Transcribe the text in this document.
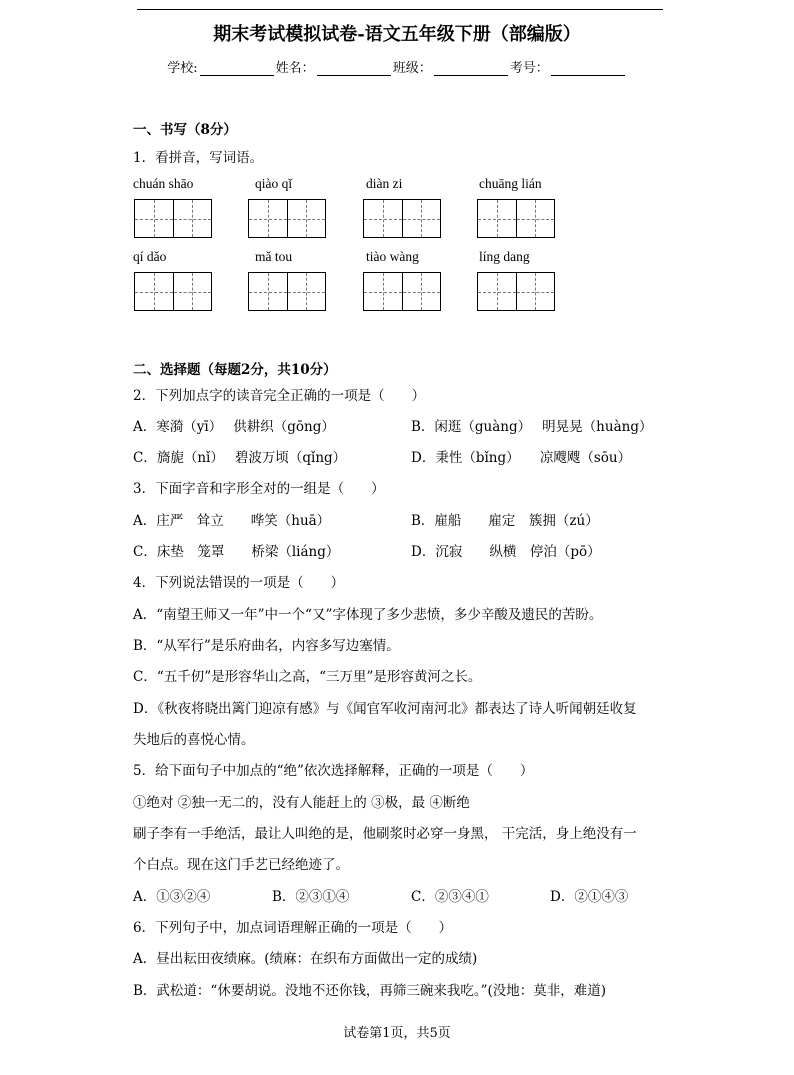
期末考试模拟试卷-语文五年级下册（部编版）
学校:	姓名：	班级：	考号：
一、书写（8分）
1．看拼音，写词语。
chuán shāo	qiào qǐ	diàn zi	chuāng lián
qí dǎo	mǎ tou	tiào wàng	líng dang
二、选择题（每题2分，共10分）
2．下列加点字的读音完全正确的一项是（　　）
A．寒漪（yī）　 供耕织（gōng）	B．闲逛（guàng）　 明晃晃（huàng）
C．旖旎（nǐ）　 碧波万顷（qǐng）	D．秉性（bǐng）　　凉飕飕（sōu）
3．下面字音和字形全对的一组是（　　）
A．庄严　耸立　　哗笑（huā）	B．雇船　　雇定　簇拥（zú）
C．床垫　笼罩　　桥梁（liáng）	D．沉寂　　纵横　停泊（pō）
4．下列说法错误的一项是（　　）
A．“南望王师又一年”中一个“又”字体现了多少悲愤，多少辛酸及遗民的苦盼。
B．“从军行”是乐府曲名，内容多写边塞情。
C．“五千仞”是形容华山之高，“三万里”是形容黄河之长。
D．《秋夜将晓出篱门迎凉有感》与《闻官军收河南河北》都表达了诗人听闻朝廷收复
失地后的喜悦心情。
5．给下面句子中加点的“绝”依次选择解释，正确的一项是（　　）
①绝对 ②独一无二的，没有人能赶上的 ③极，最 ④断绝
刷子李有一手绝活，最让人叫绝的是，他刷浆时必穿一身黑， 干完活，身上绝没有一
个白点。现在这门手艺已经绝迹了。
A．①③②④	B．②③①④	C．②③④①	D．②①④③
6．下列句子中，加点词语理解正确的一项是（　　）
A．昼出耘田夜绩麻。(绩麻：在织布方面做出一定的成绩)
B．武松道：“休要胡说。没地不还你钱，再筛三碗来我吃。”(没地：莫非，难道)
试卷第1页，共5页
